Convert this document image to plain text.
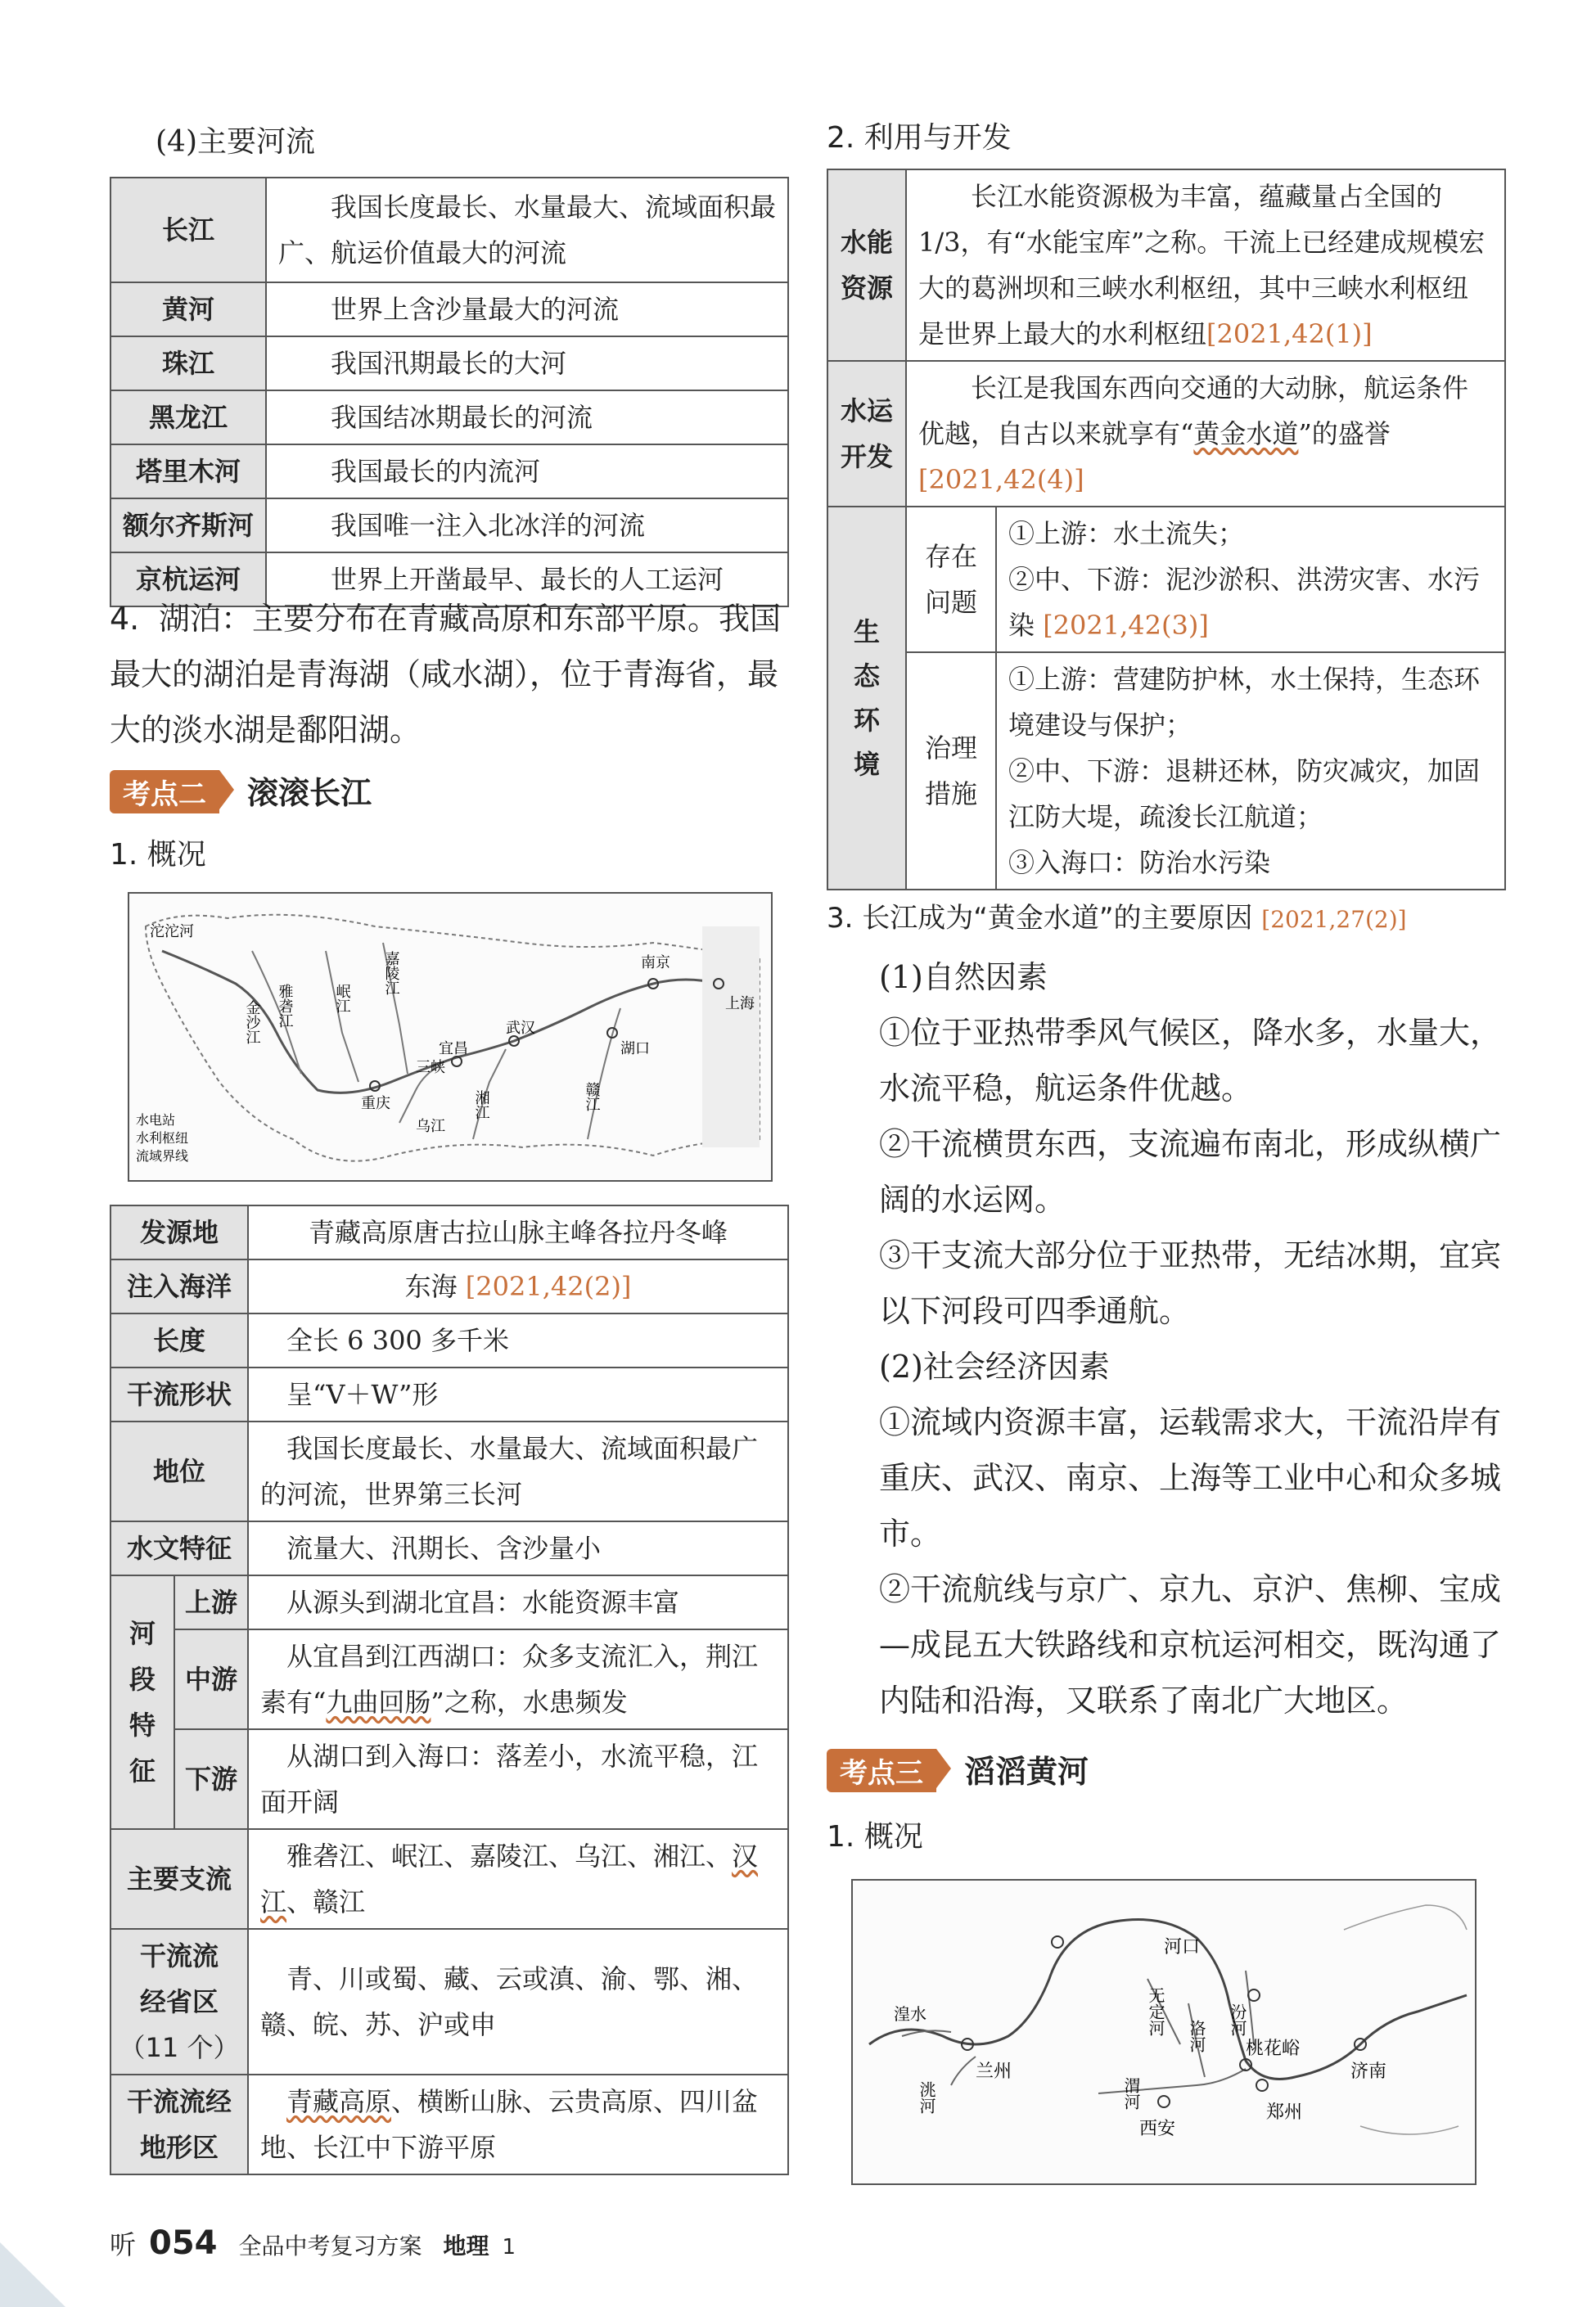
(4)主要河流
长江	我国长度最长、水量最大、流域面积最广、航运价值最大的河流
黄河	世界上含沙量最大的河流
珠江	我国汛期最长的大河
黑龙江	我国结冰期最长的河流
塔里木河	我国最长的内流河
额尔齐斯河	我国唯一注入北冰洋的河流
京杭运河	世界上开凿最早、最长的人工运河
4. 湖泊：主要分布在青藏高原和东部平原。我国最大的湖泊是青海湖（咸水湖），位于青海省，最大的淡水湖是鄱阳湖。
考点二 滚滚长江
1. 概况
沱沱河
金沙江 雅砻江	岷江
嘉陵江
重庆
三峡
宜昌
武汉
湘江	赣江
湖口
南京
上海
乌江
水电站
水利枢纽
流域界线
发源地		青藏高原唐古拉山脉主峰各拉丹冬峰
注入海洋		东海 [2021,42(2)]
长度		全长 6 300 多千米
干流形状		呈“V＋W”形
地位		我国长度最长、水量最大、流域面积最广的河流，世界第三长河
水文特征		流量大、汛期长、含沙量小

河段特征	上游	从源头到湖北宜昌：水能资源丰富
	中游	从宜昌到江西湖口：众多支流汇入，荆江素有“九曲回肠”之称，水患频发
	下游	从湖口到入海口：落差小，水流平稳，江面开阔
主要支流		雅砻江、岷江、嘉陵江、乌江、湘江、汉江、赣江

干流流
经省区
（11 个）		青、川或蜀、藏、云或滇、渝、鄂、湘、赣、皖、苏、沪或申

干流流经
地形区		青藏高原、横断山脉、云贵高原、四川盆地、长江中下游平原
2. 利用与开发
水能资源	长江水能资源极为丰富，蕴藏量占全国的1/3，有“水能宝库”之称。干流上已经建成规模宏大的葛洲坝和三峡水利枢纽，其中三峡水利枢纽是世界上最大的水利枢纽[2021,42(1)]	

水运开发	长江是我国东西向交通的大动脉，航运条件优越，自古以来就享有“黄金水道”的盛誉[2021,42(4)]	

生态环境	存在问题	①上游：水土流失；
②中、下游：泥沙淤积、洪涝灾害、水污染 [2021,42(3)]

	治理措施	①上游：营建防护林，水土保持，生态环境建设与保护；
②中、下游：退耕还林，防灾减灾，加固江防大堤，疏浚长江航道；
③入海口：防治水污染
3. 长江成为“黄金水道”的主要原因 [2021,27(2)]
(1)自然因素
①位于亚热带季风气候区，降水多，水量大，水流平稳，航运条件优越。
②干流横贯东西，支流遍布南北，形成纵横广阔的水运网。
③干支流大部分位于亚热带，无结冰期，宜宾以下河段可四季通航。
(2)社会经济因素
①流域内资源丰富，运载需求大，干流沿岸有重庆、武汉、南京、上海等工业中心和众多城市。
②干流航线与京广、京九、京沪、焦柳、宝成—成昆五大铁路线和京杭运河相交，既沟通了内陆和沿海，又联系了南北广大地区。
考点三 滔滔黄河
1. 概况
河口
无定河	汾河
洛河
渭河
兰州
洮河
西安
郑州
桃花峪
济南
湟水
听 054 全品中考复习方案 地理 1
